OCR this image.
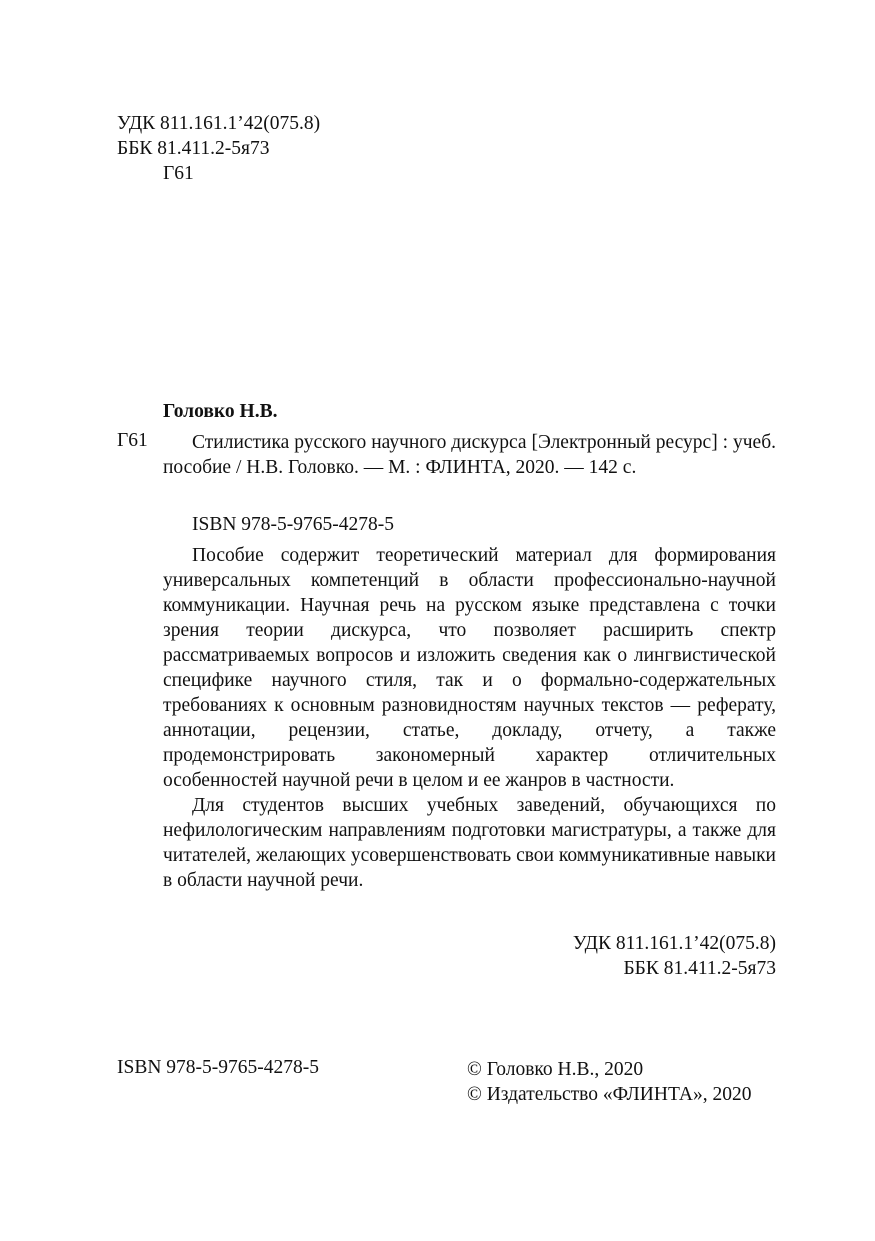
УДК 811.161.1’42(075.8)
ББК 81.411.2-5я73
Г61
Головко Н.В.
Г61	Стилистика русского научного дискурса [Электронный ресурс] : учеб. пособие / Н.В. Головко. — М. : ФЛИНТА, 2020. — 142 с.

ISBN 978-5-9765-4278-5

Пособие содержит теоретический материал для формирования универсальных компетенций в области профессионально-научной коммуникации. Научная речь на русском языке представлена с точки зрения теории дискурса, что позволяет расширить спектр рассматриваемых вопросов и изложить сведения как о лингвистической специфике научного стиля, так и о формально-содержательных требованиях к основным разновидностям научных текстов — реферату, аннотации, рецензии, статье, докладу, отчету, а также продемонстрировать закономерный характер отличительных особенностей научной речи в целом и ее жанров в частности.

Для студентов высших учебных заведений, обучающихся по нефилологическим направлениям подготовки магистратуры, а также для читателей, желающих усовершенствовать свои коммуникативные навыки в области научной речи.

УДК 811.161.1’42(075.8)
ББК 81.411.2-5я73
ISBN 978-5-9765-4278-5	© Головко Н.В., 2020
© Издательство «ФЛИНТА», 2020
